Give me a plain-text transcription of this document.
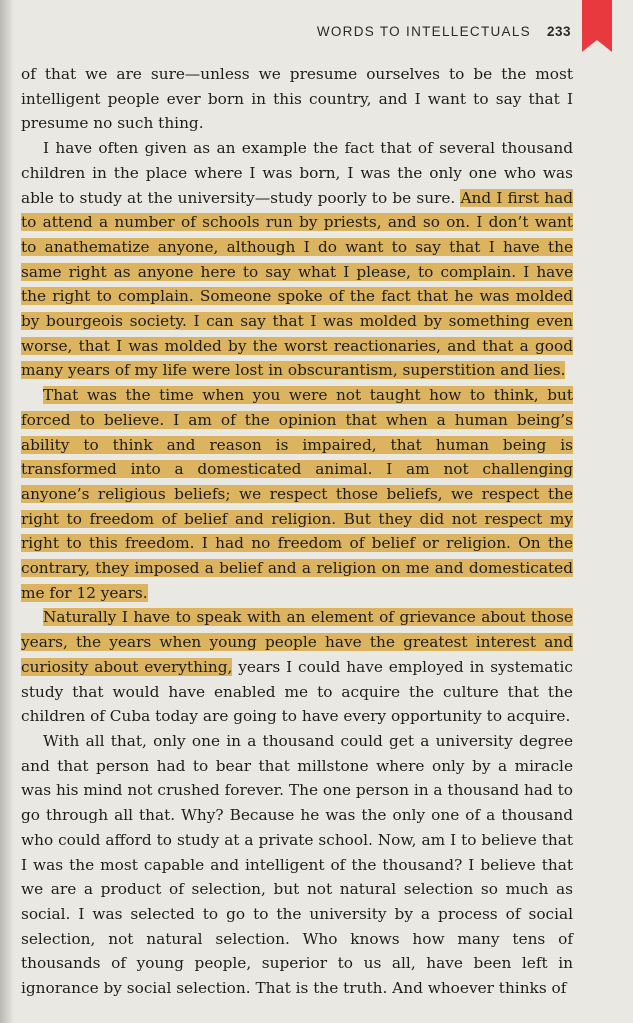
WORDS TO INTELLECTUALS 233

of that we are sure—unless we presume ourselves to be the most intelligent people ever born in this country, and I want to say that I presume no such thing.

I have often given as an example the fact that of several thousand children in the place where I was born, I was the only one who was able to study at the university—study poorly to be sure. And I first had to attend a number of schools run by priests, and so on. I don’t want to anathematize anyone, although I do want to say that I have the same right as anyone here to say what I please, to complain. I have the right to complain. Someone spoke of the fact that he was molded by bourgeois society. I can say that I was molded by something even worse, that I was molded by the worst reactionaries, and that a good many years of my life were lost in obscurantism, superstition and lies.

That was the time when you were not taught how to think, but forced to believe. I am of the opinion that when a human being’s ability to think and reason is impaired, that human being is transformed into a domesticated animal. I am not challenging anyone’s religious beliefs; we respect those beliefs, we respect the right to freedom of belief and religion. But they did not respect my right to this freedom. I had no freedom of belief or religion. On the contrary, they imposed a belief and a religion on me and domesticated me for 12 years.

Naturally I have to speak with an element of grievance about those years, the years when young people have the greatest interest and curiosity about everything, years I could have employed in systematic study that would have enabled me to acquire the culture that the children of Cuba today are going to have every opportunity to acquire.

With all that, only one in a thousand could get a university degree and that person had to bear that millstone where only by a miracle was his mind not crushed forever. The one person in a thousand had to go through all that. Why? Because he was the only one of a thousand who could afford to study at a private school. Now, am I to believe that I was the most capable and intelligent of the thousand? I believe that we are a product of selection, but not natural selection so much as social. I was selected to go to the university by a process of social selection, not natural selection. Who knows how many tens of thousands of young people, superior to us all, have been left in ignorance by social selection. That is the truth. And whoever thinks of
